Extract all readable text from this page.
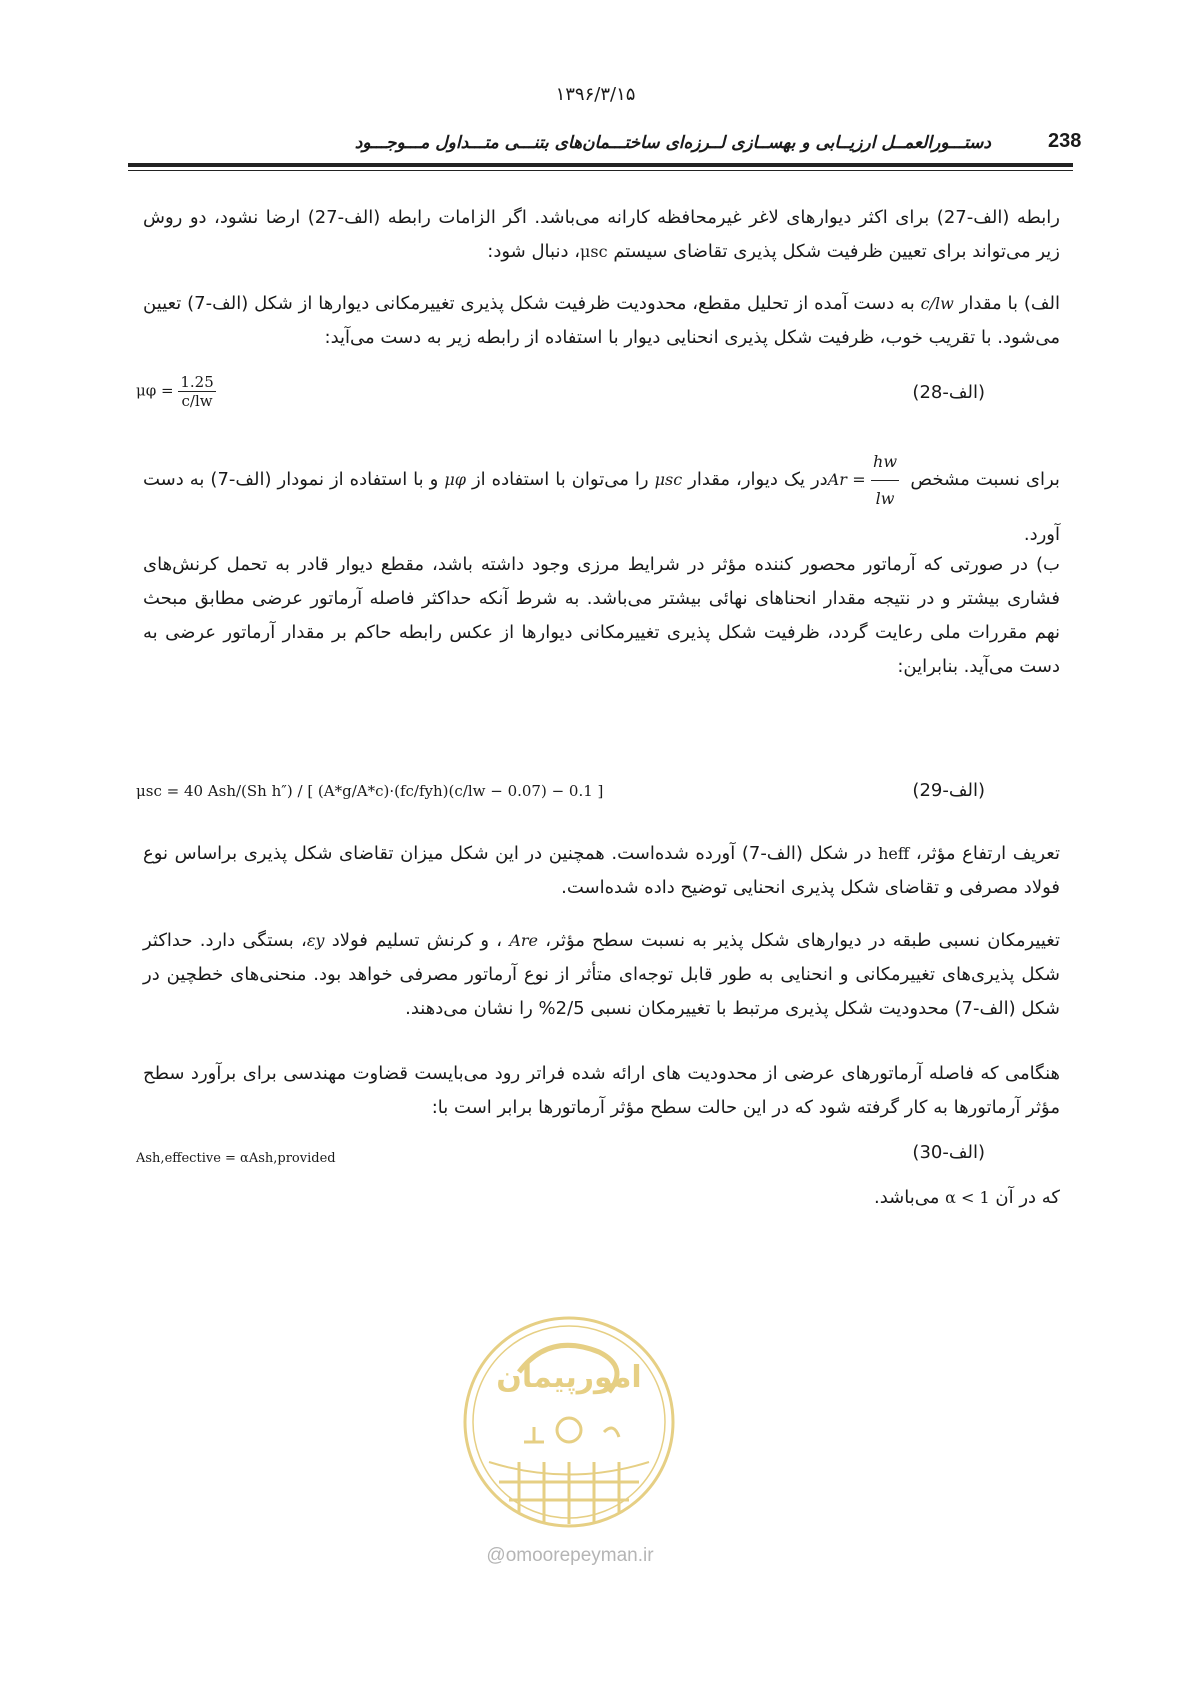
۱۳۹۶/۳/۱۵
238
دستـــورالعمــل ارزیــابی و بهســازی لــرزه‌ای ساختـــمان‌های بتنـــی متـــداول مـــوجـــود

رابطه (الف-27) برای اکثر دیوارهای لاغر غیرمحافظه کارانه می‌باشد. اگر الزامات رابطه (الف-27) ارضا نشود، دو روش زیر می‌تواند برای تعیین ظرفیت شکل پذیری تقاضای سیستم μsc، دنبال شود:

الف) با مقدار c/lw به دست آمده از تحلیل مقطع، محدودیت ظرفیت شکل پذیری تغییرمکانی دیوارها از شکل (الف-7) تعیین می‌شود. با تقریب خوب، ظرفیت شکل پذیری انحنایی دیوار با استفاده از رابطه زیر به دست می‌آید:

$\mu\varphi = \frac{1.25}{c/lw}$	(الف-28)

برای نسبت مشخص $Ar = \frac{hw}{lw}$
در یک دیوار، مقدار μsc را می‌توان با استفاده از μφ و با استفاده از نمودار (الف-7) به دست آورد.

ب) در صورتی که آرماتور محصور کننده مؤثر در شرایط مرزی وجود داشته باشد، مقطع دیوار قادر به تحمل کرنش‌های فشاری بیشتر و در نتیجه مقدار انحناهای نهائی بیشتر می‌باشد. به شرط آنکه حداکثر فاصله آرماتور عرضی مطابق مبحث نهم مقررات ملی رعایت گردد، ظرفیت شکل پذیری تغییرمکانی دیوارها از عکس رابطه حاکم بر مقدار آرماتور عرضی به دست می‌آید. بنابراین:

μsc = 40 Ash/(Sh h″) / [ (A*g/A*c)·(fc/fyh)(c/lw − 0.07) − 0.1 ]	(الف-29)

تعریف ارتفاع مؤثر، heff در شکل (الف-7) آورده شده‌است. همچنین در این شکل میزان تقاضای شکل پذیری براساس نوع فولاد مصرفی و تقاضای شکل پذیری انحنایی توضیح داده شده‌است.

تغییرمکان نسبی طبقه در دیوارهای شکل پذیر به نسبت سطح مؤثر، Are ، و کرنش تسلیم فولاد εy، بستگی دارد. حداکثر شکل پذیری‌های تغییرمکانی و انحنایی به طور قابل توجه‌ای متأثر از نوع آرماتور مصرفی خواهد بود. منحنی‌های خطچین در شکل (الف-7) محدودیت شکل پذیری مرتبط با تغییرمکان نسبی 2/5% را نشان می‌دهند.

هنگامی که فاصله آرماتورهای عرضی از محدودیت های ارائه شده فراتر رود می‌بایست قضاوت مهندسی برای برآورد سطح مؤثر آرماتورها به کار گرفته شود که در این حالت سطح مؤثر آرماتورها برابر است با:

Ash,effective = αAsh,provided	(الف-30)

که در آن α < 1 می‌باشد.

امورپیمان
@omoorepeyman.ir
